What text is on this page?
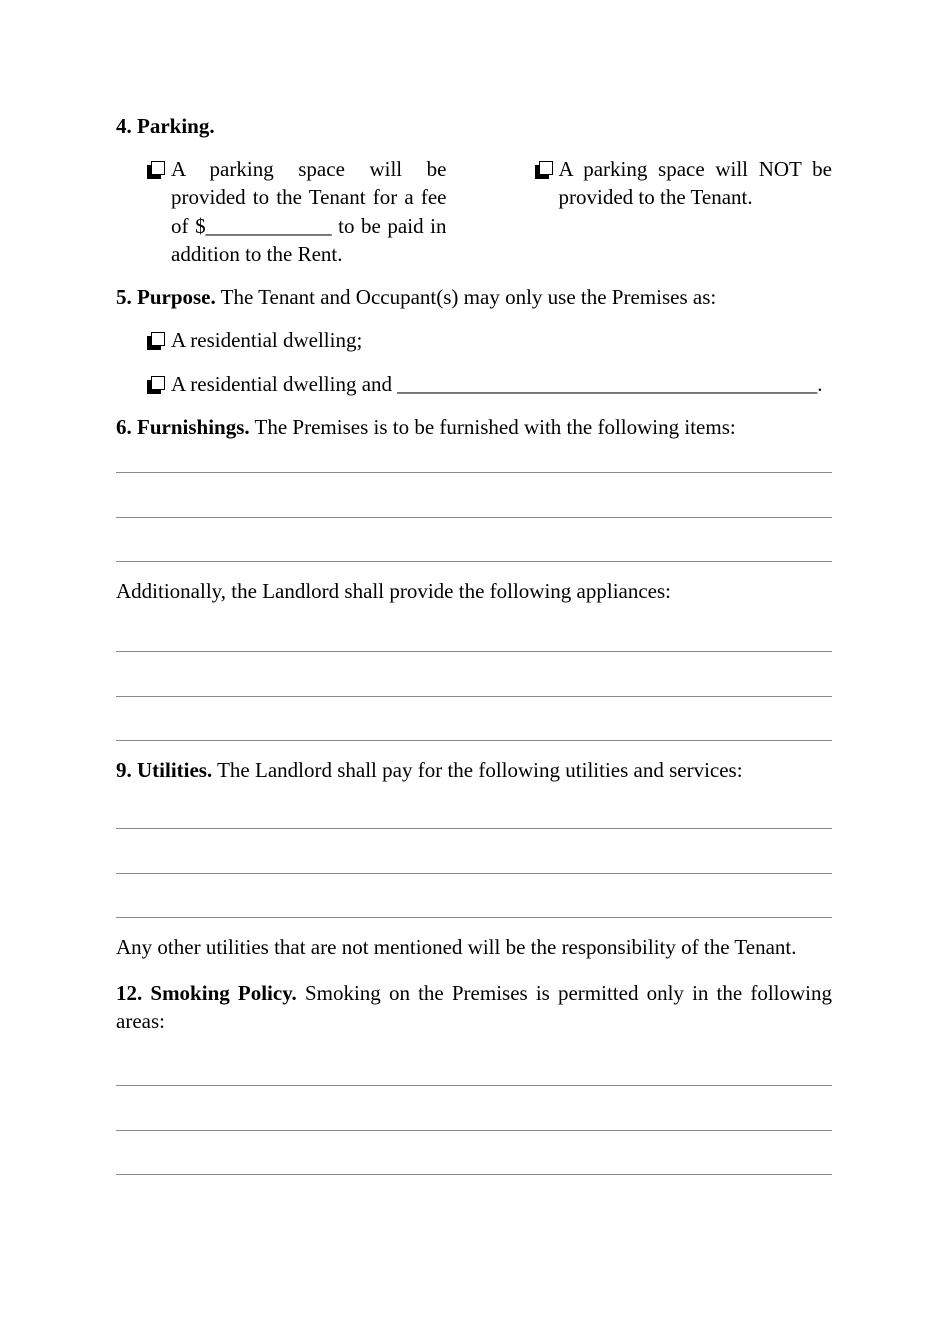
4. Parking.
A parking space will be provided to the Tenant for a fee of $____________ to be paid in addition to the Rent.
A parking space will NOT be provided to the Tenant.
5. Purpose. The Tenant and Occupant(s) may only use the Premises as:
A residential dwelling;
A residential dwelling and ________________________________________.
6. Furnishings. The Premises is to be furnished with the following items:
Additionally, the Landlord shall provide the following appliances:
9. Utilities. The Landlord shall pay for the following utilities and services:
Any other utilities that are not mentioned will be the responsibility of the Tenant.
12. Smoking Policy. Smoking on the Premises is permitted only in the following areas:
